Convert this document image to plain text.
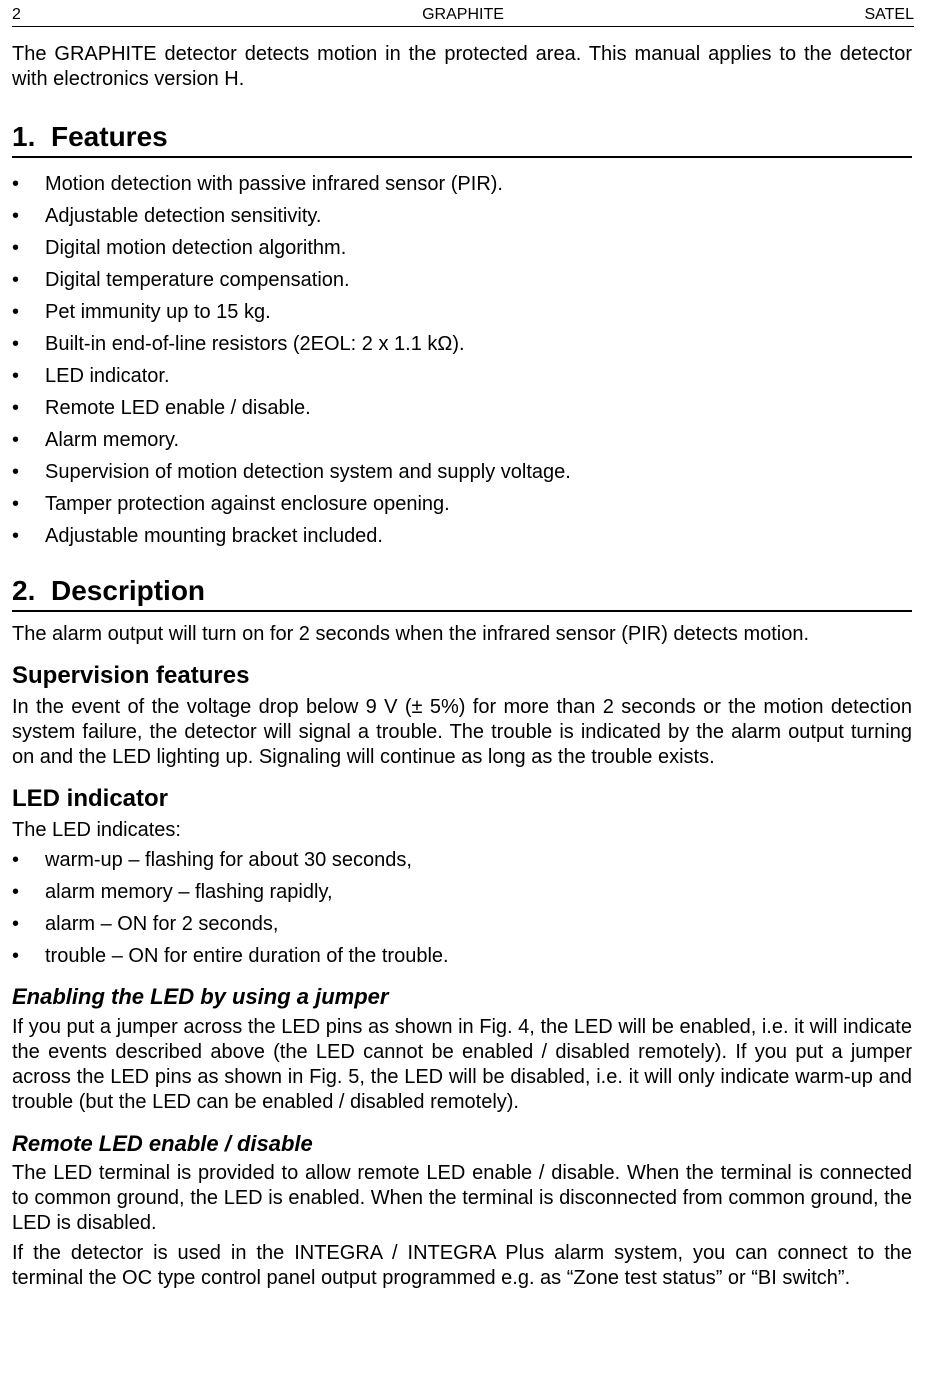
2	GRAPHITE	SATEL

The GRAPHITE detector detects motion in the protected area. This manual applies to the detector with electronics version H.

1. Features
• Motion detection with passive infrared sensor (PIR).
• Adjustable detection sensitivity.
• Digital motion detection algorithm.
• Digital temperature compensation.
• Pet immunity up to 15 kg.
• Built-in end-of-line resistors (2EOL: 2 x 1.1 kΩ).
• LED indicator.
• Remote LED enable / disable.
• Alarm memory.
• Supervision of motion detection system and supply voltage.
• Tamper protection against enclosure opening.
• Adjustable mounting bracket included.
2. Description

The alarm output will turn on for 2 seconds when the infrared sensor (PIR) detects motion.

Supervision features

In the event of the voltage drop below 9 V (± 5%) for more than 2 seconds or the motion detection system failure, the detector will signal a trouble. The trouble is indicated by the alarm output turning on and the LED lighting up. Signaling will continue as long as the trouble exists.

LED indicator

The LED indicates:

• warm-up – flashing for about 30 seconds,
• alarm memory – flashing rapidly,
• alarm – ON for 2 seconds,
• trouble – ON for entire duration of the trouble.
Enabling the LED by using a jumper

If you put a jumper across the LED pins as shown in Fig. 4, the LED will be enabled, i.e. it will indicate the events described above (the LED cannot be enabled / disabled remotely). If you put a jumper across the LED pins as shown in Fig. 5, the LED will be disabled, i.e. it will only indicate warm-up and trouble (but the LED can be enabled / disabled remotely).

Remote LED enable / disable

The LED terminal is provided to allow remote LED enable / disable. When the terminal is connected to common ground, the LED is enabled. When the terminal is disconnected from common ground, the LED is disabled.

If the detector is used in the INTEGRA / INTEGRA Plus alarm system, you can connect to the terminal the OC type control panel output programmed e.g. as “Zone test status” or “BI switch”.
